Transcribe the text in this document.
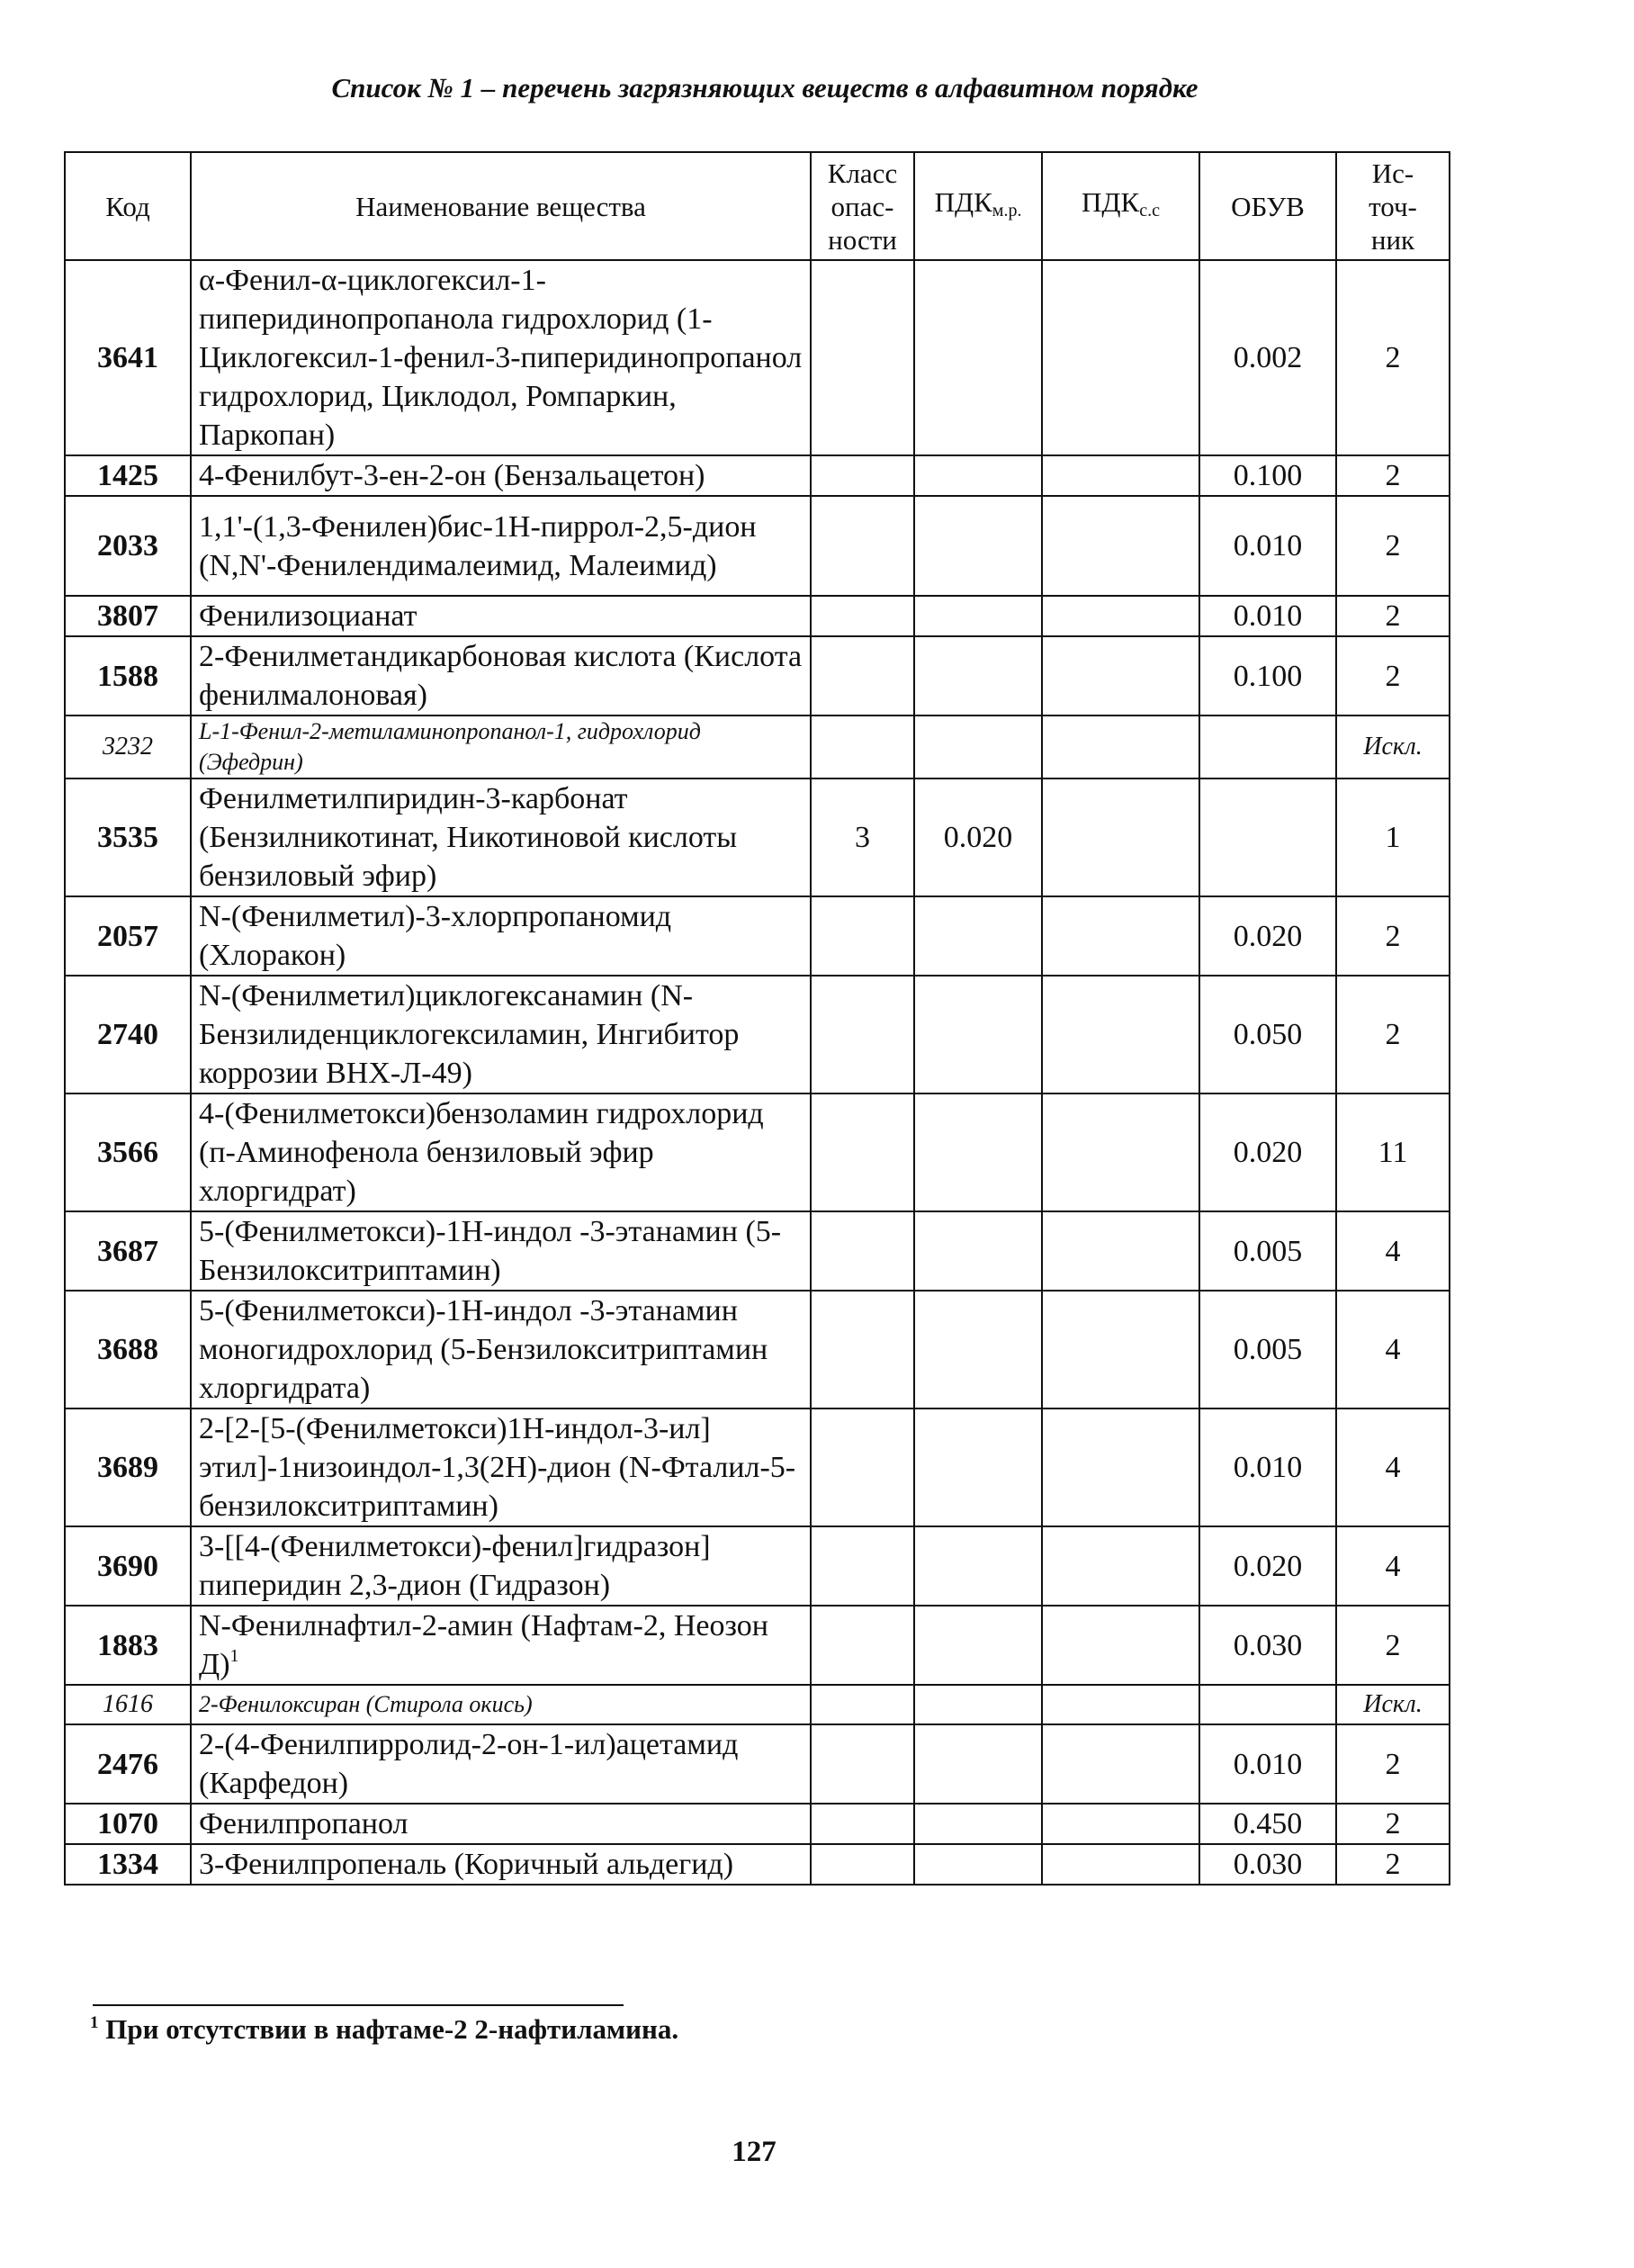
Список № 1 – перечень загрязняющих веществ в алфавитном порядке
Код	Наименование вещества	Класс
опас-
ности	$ПДК_{м.р.}$	$ПДК_{с.с}$	ОБУВ	Ис-
точ-
ник
3641	α-Фенил-α-циклогексил-1-пиперидинопропанола гидрохлорид (1-Циклогексил-1-фенил-3-пиперидинопропанол гидрохлорид, Циклодол, Ромпаркин, Паркопан)				0.002	2
1425	4-Фенилбут-3-ен-2-он (Бензальацетон)				0.100	2
2033	1,1'-(1,3-Фенилен)бис-1Н-пиррол-2,5-дион (N,N'-Фенилендималеимид, Малеимид)				0.010	2
3807	Фенилизоцианат				0.010	2
1588	2-Фенилметандикарбоновая кислота (Кислота фенилмалоновая)				0.100	2
3232	L-1-Фенил-2-метиламинопропанол-1, гидрохлорид (Эфедрин)					Искл.
3535	Фенилметилпиридин-3-карбонат (Бензилникотинат, Никотиновой кислоты бензиловый эфир)	3	0.020			1
2057	N-(Фенилметил)-3-хлорпропаномид (Хлоракон)				0.020	2
2740	N-(Фенилметил)циклогексанамин (N-Бензилиденциклогексиламин, Ингибитор коррозии ВНХ-Л-49)				0.050	2
3566	4-(Фенилметокси)бензоламин гидрохлорид (п-Аминофенола бензиловый эфир хлоргидрат)				0.020	11
3687	5-(Фенилметокси)-1Н-индол -3-этанамин (5-Бензилокситриптамин)				0.005	4
3688	5-(Фенилметокси)-1Н-индол -3-этанамин моногидрохлорид (5-Бензилокситриптамин хлоргидрата)				0.005	4
3689	2-[2-[5-(Фенилметокси)1Н-индол-3-ил] этил]-1низоиндол-1,3(2Н)-дион (N-Фталил-5-бензилокситриптамин)				0.010	4
3690	3-[[4-(Фенилметокси)-фенил]гидразон] пиперидин 2,3-дион (Гидразон)				0.020	4
1883	N-Фенилнафтил-2-амин (Нафтам-2, Неозон Д)$^1$				0.030	2
1616	2-Фенилоксиран (Стирола окись)					Искл.
2476	2-(4-Фенилпирролид-2-он-1-ил)ацетамид (Карфедон)				0.010	2
1070	Фенилпропанол				0.450	2
1334	3-Фенилпропеналь (Коричный альдегид)				0.030	2
$^1$ При отсутствии в нафтаме-2 2-нафтиламина.
127
